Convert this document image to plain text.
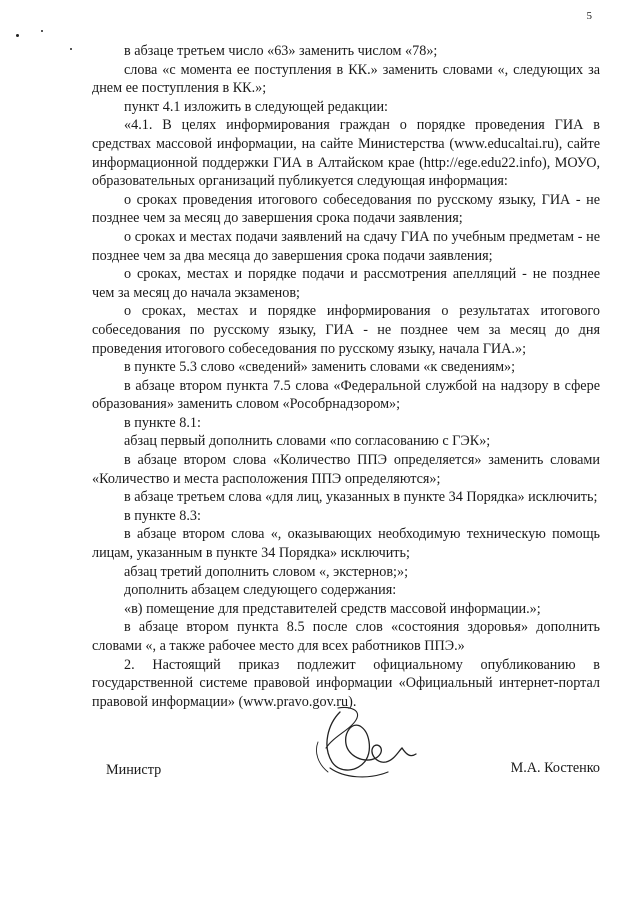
5

в абзаце третьем число «63» заменить числом «78»;

слова «с момента ее поступления в КК.» заменить словами «, следующих за днем ее поступления в КК.»;

пункт 4.1 изложить в следующей редакции:

«4.1. В целях информирования граждан о порядке проведения ГИА в средствах массовой информации, на сайте Министерства (www.educaltai.ru), сайте информационной поддержки ГИА в Алтайском крае (http://ege.edu22.info), МОУО, образовательных организаций публикуется следующая информация:

о сроках проведения итогового собеседования по русскому языку, ГИА - не позднее чем за месяц до завершения срока подачи заявления;

о сроках и местах подачи заявлений на сдачу ГИА по учебным предметам - не позднее чем за два месяца до завершения срока подачи заявления;

о сроках, местах и порядке подачи и рассмотрения апелляций - не позднее чем за месяц до начала экзаменов;

о сроках, местах и порядке информирования о результатах итогового собеседования по русскому языку, ГИА - не позднее чем за месяц до дня проведения итогового собеседования по русскому языку, начала ГИА.»;

в пункте 5.3 слово «сведений» заменить словами «к сведениям»;

в абзаце втором пункта 7.5 слова «Федеральной службой на надзору в сфере образования» заменить словом «Рособрнадзором»;

в пункте 8.1:

абзац первый дополнить словами «по согласованию с ГЭК»;

в абзаце втором слова «Количество ППЭ определяется» заменить словами «Количество и места расположения ППЭ определяются»;

в абзаце третьем слова «для лиц, указанных в пункте 34 Порядка» исключить;

в пункте 8.3:

в абзаце втором слова «, оказывающих необходимую техническую помощь лицам, указанным в пункте 34 Порядка» исключить;

абзац третий дополнить словом «, экстернов;»;

дополнить абзацем следующего содержания:

«в) помещение для представителей средств массовой информации.»;

в абзаце втором пункта 8.5 после слов «состояния здоровья» дополнить словами «, а также рабочее место для всех работников ППЭ.»

2. Настоящий приказ подлежит официальному опубликованию в государственной системе правовой информации «Официальный интернет-портал правовой информации» (www.pravo.gov.ru).

Министр	М.А. Костенко
